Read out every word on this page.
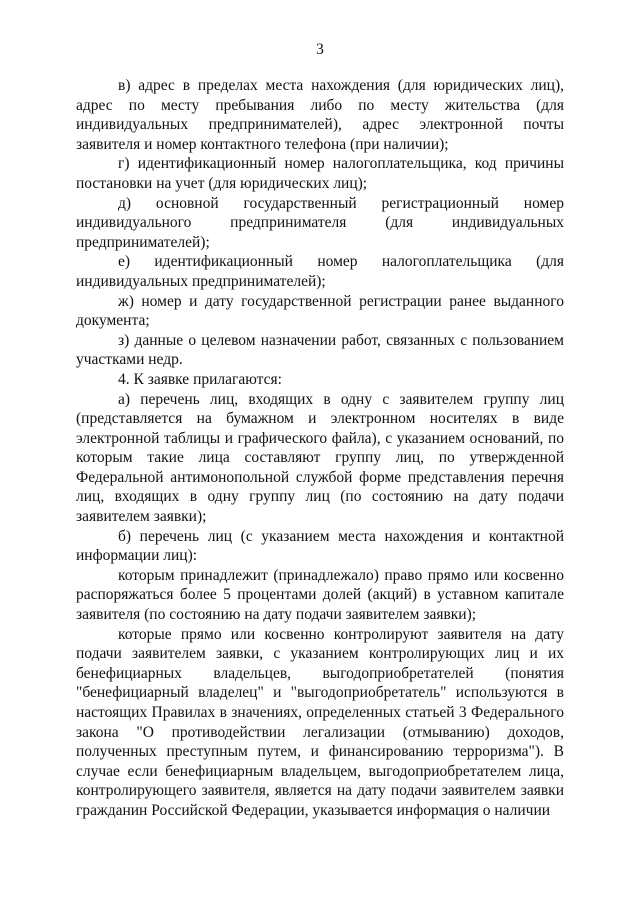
3

в) адрес в пределах места нахождения (для юридических лиц), адрес по месту пребывания либо по месту жительства (для индивидуальных предпринимателей), адрес электронной почты заявителя и номер контактного телефона (при наличии);

г) идентификационный номер налогоплательщика, код причины постановки на учет (для юридических лиц);

д) основной государственный регистрационный номер индивидуального предпринимателя (для индивидуальных предпринимателей);

е) идентификационный номер налогоплательщика (для индивидуальных предпринимателей);

ж) номер и дату государственной регистрации ранее выданного документа;

з) данные о целевом назначении работ, связанных с пользованием участками недр.

4. К заявке прилагаются:

а) перечень лиц, входящих в одну с заявителем группу лиц (представляется на бумажном и электронном носителях в виде электронной таблицы и графического файла), с указанием оснований, по которым такие лица составляют группу лиц, по утвержденной Федеральной антимонопольной службой форме представления перечня лиц, входящих в одну группу лиц (по состоянию на дату подачи заявителем заявки);

б) перечень лиц (с указанием места нахождения и контактной информации лиц):

которым принадлежит (принадлежало) право прямо или косвенно распоряжаться более 5 процентами долей (акций) в уставном капитале заявителя (по состоянию на дату подачи заявителем заявки);

которые прямо или косвенно контролируют заявителя на дату подачи заявителем заявки, с указанием контролирующих лиц и их бенефициарных владельцев, выгодоприобретателей (понятия "бенефициарный владелец" и "выгодоприобретатель" используются в настоящих Правилах в значениях, определенных статьей 3 Федерального закона "О противодействии легализации (отмыванию) доходов, полученных преступным путем, и финансированию терроризма"). В случае если бенефициарным владельцем, выгодоприобретателем лица, контролирующего заявителя, является на дату подачи заявителем заявки гражданин Российской Федерации, указывается информация о наличии
